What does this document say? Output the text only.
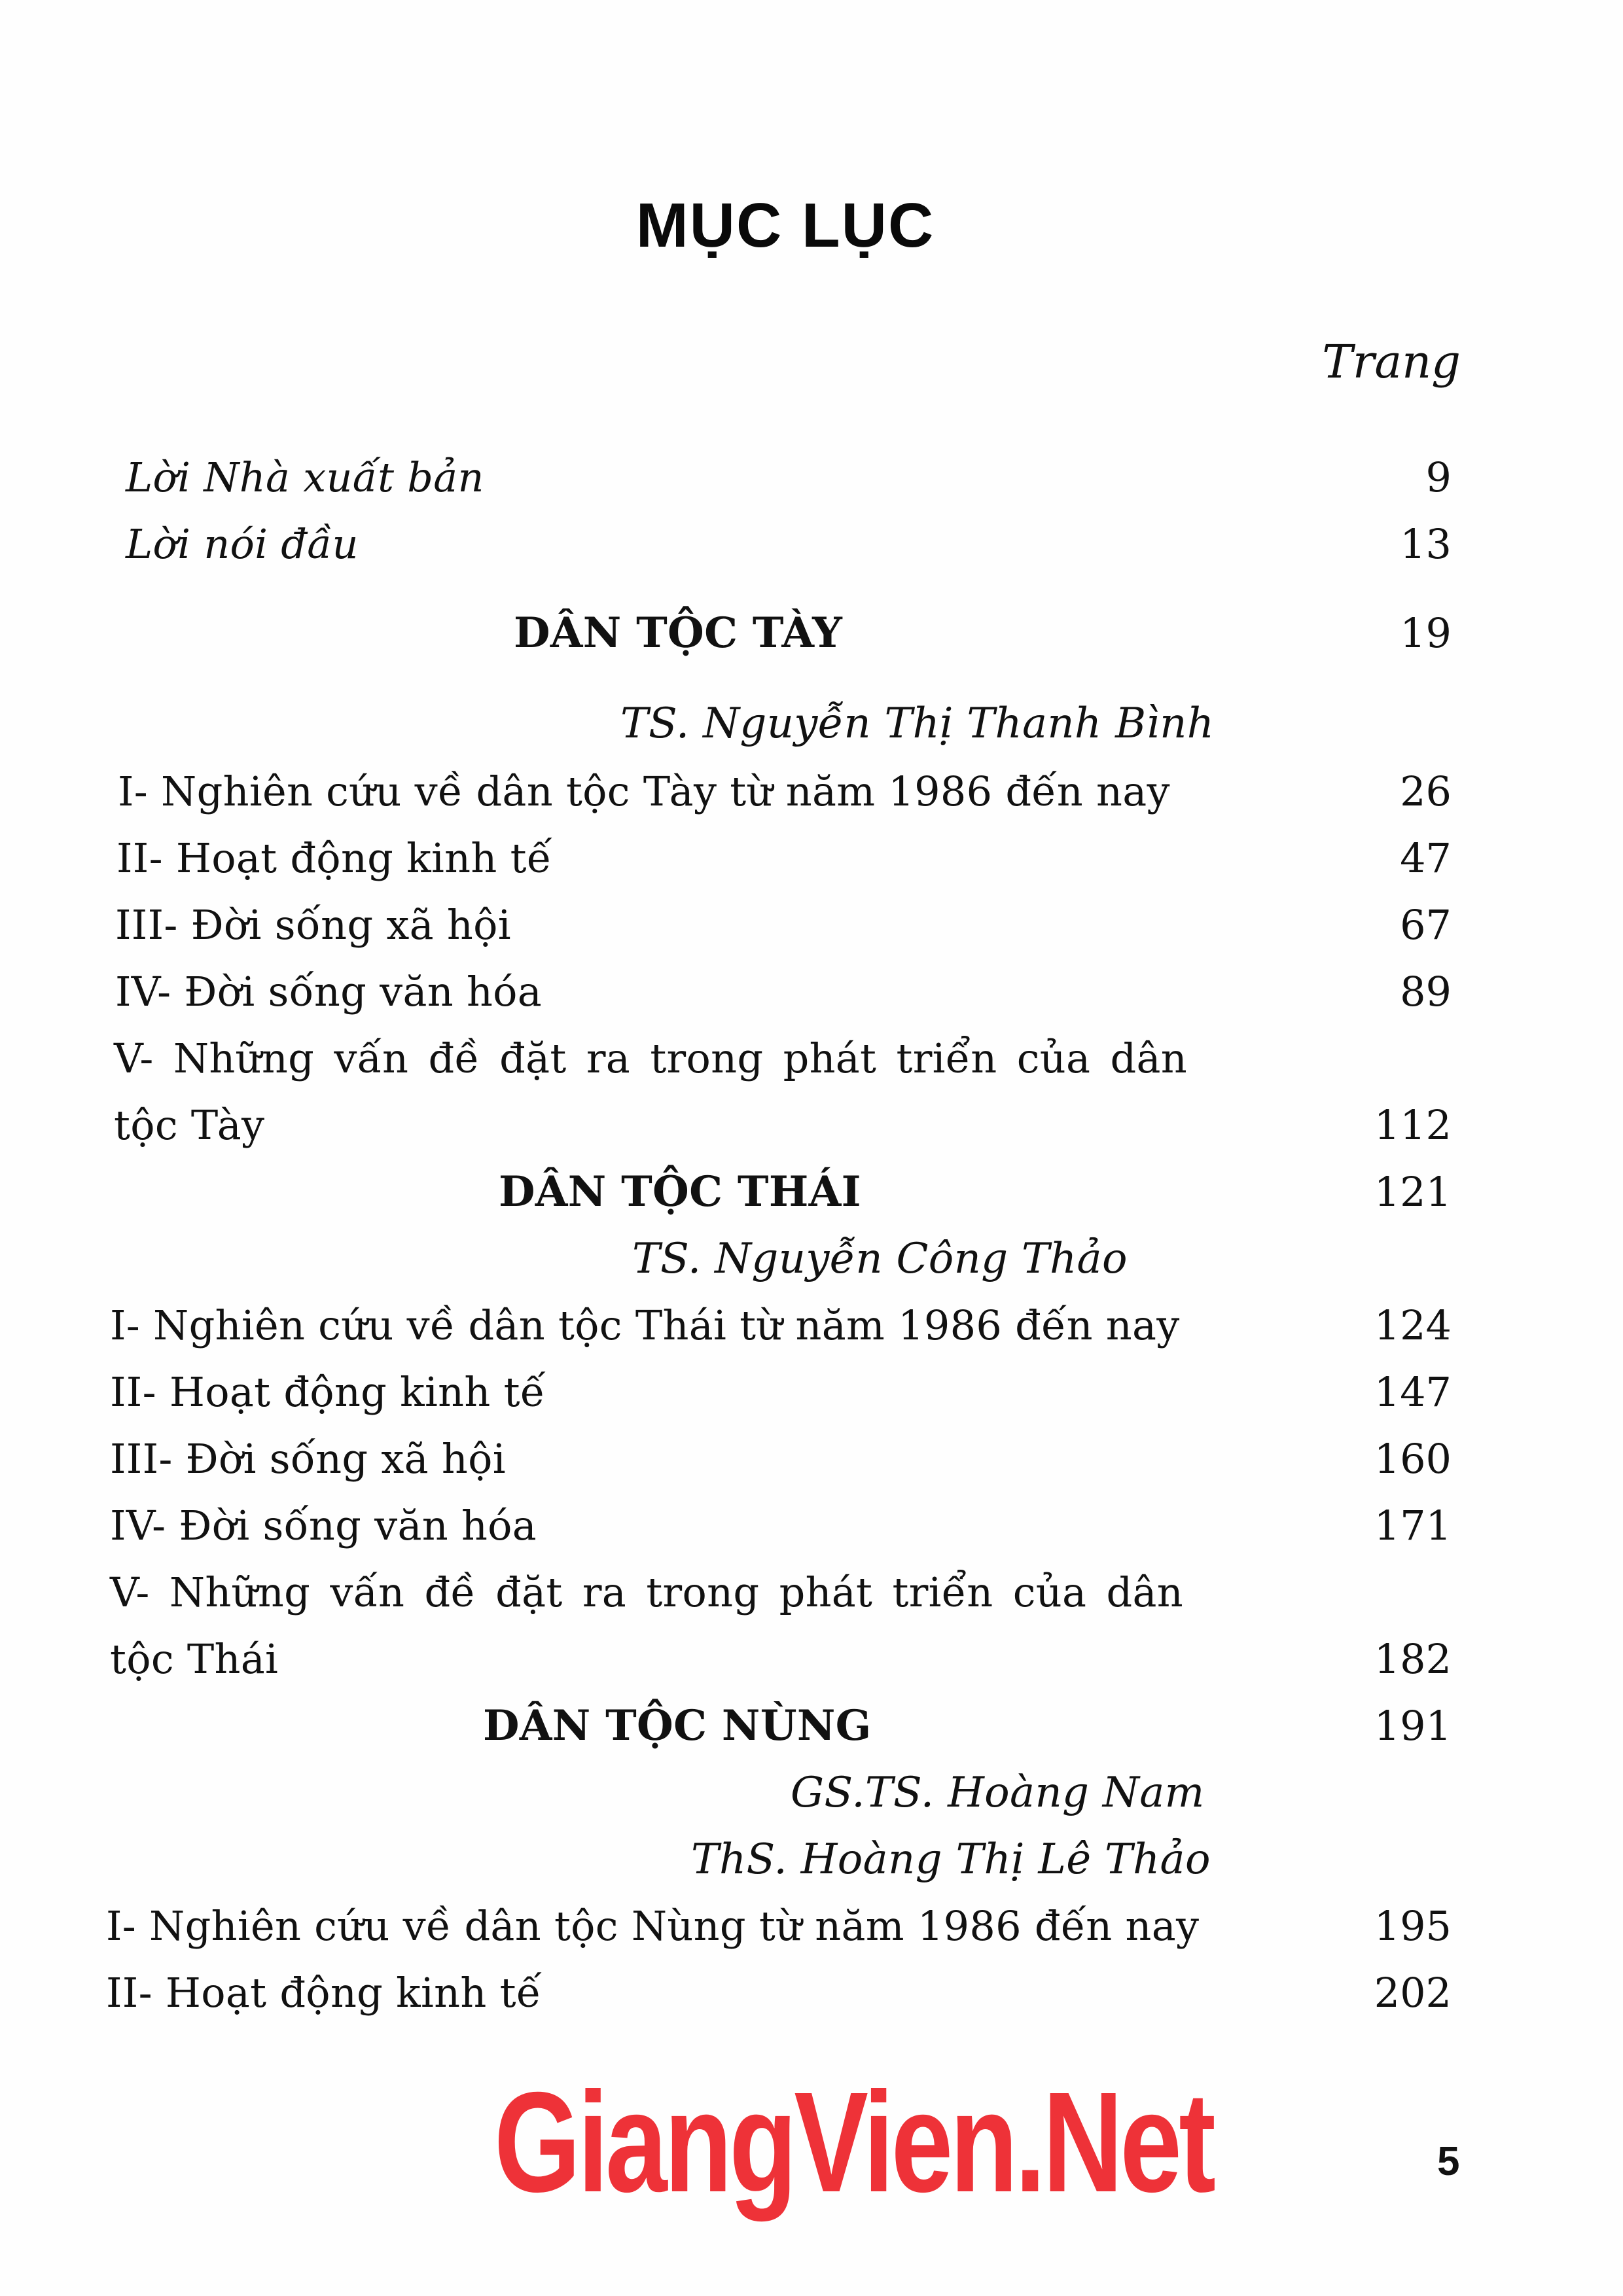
MỤC LỤC
Trang
Lời Nhà xuất bản	9
Lời nói đầu	13
DÂN TỘC TÀY	19
TS. Nguyễn Thị Thanh Bình
I- Nghiên cứu về dân tộc Tày từ năm 1986 đến nay	26
II- Hoạt động kinh tế	47
III- Đời sống xã hội	67
IV- Đời sống văn hóa	89
V- Những vấn đề đặt ra trong phát triển của dân
tộc Tày	112
DÂN TỘC THÁI	121
TS. Nguyễn Công Thảo
I- Nghiên cứu về dân tộc Thái từ năm 1986 đến nay	124
II- Hoạt động kinh tế	147
III- Đời sống xã hội	160
IV- Đời sống văn hóa	171
V- Những vấn đề đặt ra trong phát triển của dân
tộc Thái	182
DÂN TỘC NÙNG	191
GS.TS. Hoàng Nam
ThS. Hoàng Thị Lê Thảo
I- Nghiên cứu về dân tộc Nùng từ năm 1986 đến nay	195
II- Hoạt động kinh tế	202
GiangVien.Net	5
